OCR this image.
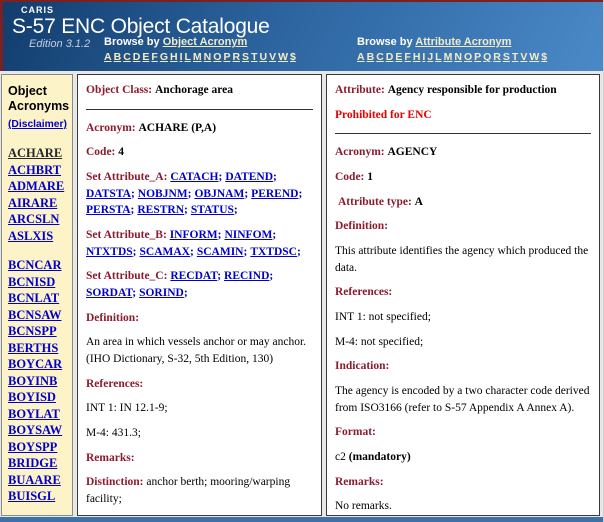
CARIS
S-57 ENC Object Catalogue
Edition 3.1.2	Browse by Object Acronym
A B C D E F G H I L M N O P R S T U V W $
Browse by Attribute Acronym
A B C D E F H I J L M N O P Q R S T V W $
Object Acronyms
(Disclaimer)
ACHARE
ACHBRT
ADMARE
AIRARE
ARCSLN
ASLXIS
BCNCAR
BCNISD
BCNLAT
BCNSAW
BCNSPP
BERTHS
BOYCAR
BOYINB
BOYISD
BOYLAT
BOYSAW
BOYSPP
BRIDGE
BUAARE
BUISGL
Object Class: Anchorage area
Acronym: ACHARE (P,A)
Code: 4
Set Attribute_A: CATACH; DATEND;DATSTA; NOBJNM; OBJNAM; PEREND;PERSTA; RESTRN; STATUS;
Set Attribute_B: INFORM; NINFOM;NTXTDS; SCAMAX; SCAMIN; TXTDSC;
Set Attribute_C: RECDAT; RECIND;SORDAT; SORIND;
Definition:
An area in which vessels anchor or may anchor. (IHO Dictionary, S-32, 5th Edition, 130)
References:
INT 1: IN 12.1-9;
M-4: 431.3;
Remarks:
Distinction: anchor berth; mooring/warping facility;
Attribute: Agency responsible for production
Prohibited for ENC
Acronym: AGENCY
Code: 1
Attribute type: A
Definition:
This attribute identifies the agency which produced the data.
References:
INT 1: not specified;
M-4: not specified;
Indication:
The agency is encoded by a two character code derived from ISO3166 (refer to S-57 Appendix A Annex A).
Format:
c2 (mandatory)
Remarks:
No remarks.
